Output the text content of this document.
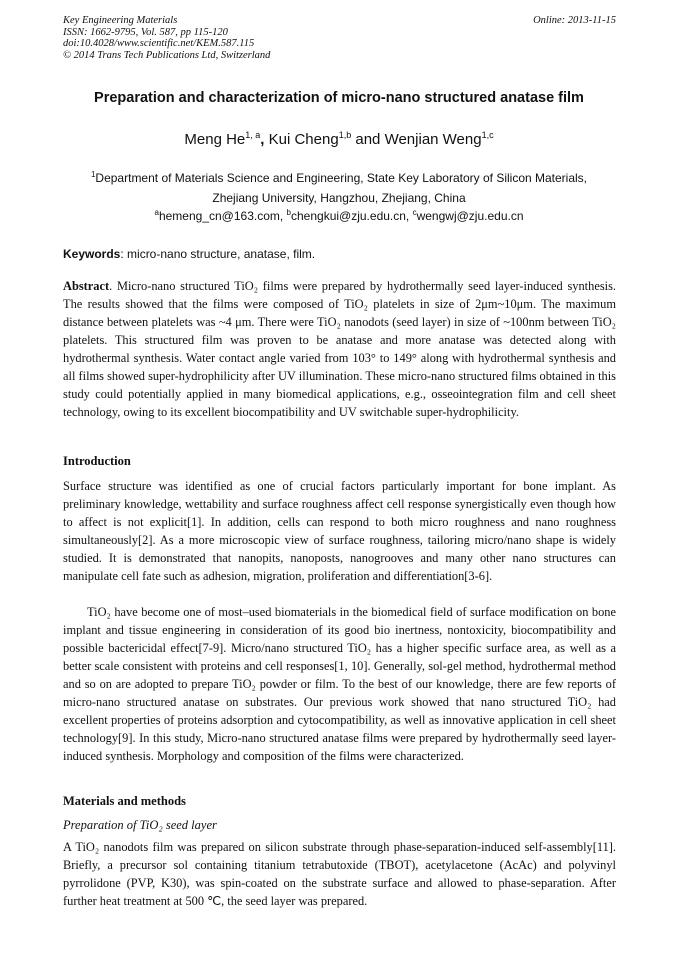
Key Engineering Materials
ISSN: 1662-9795, Vol. 587, pp 115-120
doi:10.4028/www.scientific.net/KEM.587.115
© 2014 Trans Tech Publications Ltd, Switzerland
Online: 2013-11-15
Preparation and characterization of micro-nano structured anatase film
Meng He$^{1, a}$, Kui Cheng$^{1,b}$ and Wenjian Weng$^{1,c}$
$^1$Department of Materials Science and Engineering, State Key Laboratory of Silicon Materials,
Zhejiang University, Hangzhou, Zhejiang, China
$^a$hemeng_cn@163.com, $^b$chengkui@zju.edu.cn, $^c$wengwj@zju.edu.cn
Keywords: micro-nano structure, anatase, film.
Abstract. Micro-nano structured TiO₂ films were prepared by hydrothermally seed layer-induced synthesis. The results showed that the films were composed of TiO₂ platelets in size of 2μm~10μm. The maximum distance between platelets was ~4 μm. There were TiO₂ nanodots (seed layer) in size of ~100nm between TiO₂ platelets. This structured film was proven to be anatase and more anatase was detected along with hydrothermal synthesis. Water contact angle varied from 103° to 149° along with hydrothermal synthesis and all films showed super-hydrophilicity after UV illumination. These micro-nano structured films obtained in this study could potentially applied in many biomedical applications, e.g., osseointegration film and cell sheet technology, owing to its excellent biocompatibility and UV switchable super-hydrophilicity.
Introduction
Surface structure was identified as one of crucial factors particularly important for bone implant. As preliminary knowledge, wettability and surface roughness affect cell response synergistically even though how to affect is not explicit[1]. In addition, cells can respond to both micro roughness and nano roughness simultaneously[2]. As a more microscopic view of surface roughness, tailoring micro/nano shape is widely studied. It is demonstrated that nanopits, nanoposts, nanogrooves and many other nano structures can manipulate cell fate such as adhesion, migration, proliferation and differentiation[3-6].
TiO₂ have become one of most–used biomaterials in the biomedical field of surface modification on bone implant and tissue engineering in consideration of its good bio inertness, nontoxicity, biocompatibility and possible bactericidal effect[7-9]. Micro/nano structured TiO₂ has a higher specific surface area, as well as a better scale consistent with proteins and cell responses[1, 10]. Generally, sol-gel method, hydrothermal method and so on are adopted to prepare TiO₂ powder or film. To the best of our knowledge, there are few reports of micro-nano structured anatase on substrates. Our previous work showed that nano structured TiO₂ had excellent properties of proteins adsorption and cytocompatibility, as well as innovative application in cell sheet technology[9]. In this study, Micro-nano structured anatase films were prepared by hydrothermally seed layer-induced synthesis. Morphology and composition of the films were characterized.
Materials and methods
Preparation of TiO₂ seed layer
A TiO₂ nanodots film was prepared on silicon substrate through phase-separation-induced self-assembly[11]. Briefly, a precursor sol containing titanium tetrabutoxide (TBOT), acetylacetone (AcAc) and polyvinyl pyrrolidone (PVP, K30), was spin-coated on the substrate surface and allowed to phase-separation. After further heat treatment at 500 ℃, the seed layer was prepared.
